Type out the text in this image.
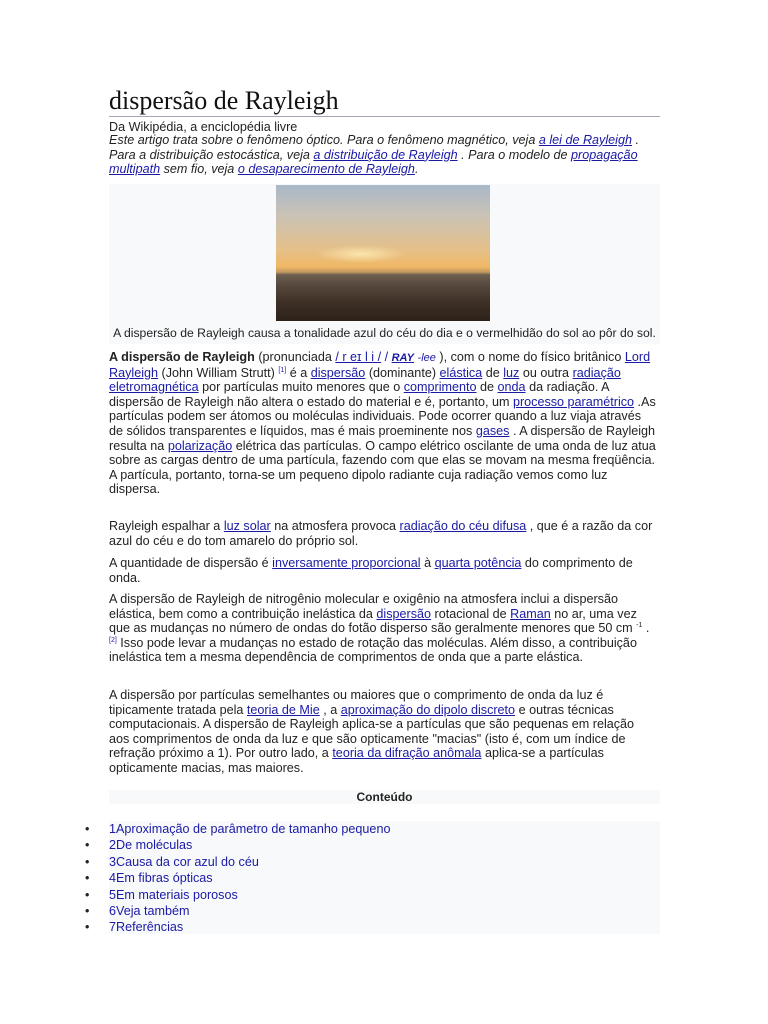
dispersão de Rayleigh
Da Wikipédia, a enciclopédia livre
Este artigo trata sobre o fenômeno óptico. Para o fenômeno magnético, veja a lei de Rayleigh . Para a distribuição estocástica, veja a distribuição de Rayleigh . Para o modelo de propagação multipath sem fio, veja o desaparecimento de Rayleigh.
A dispersão de Rayleigh causa a tonalidade azul do céu do dia e o vermelhidão do sol ao pôr do sol.
A dispersão de Rayleigh (pronunciada / r eɪ l i / / RAY -lee ), com o nome do físico britânico Lord Rayleigh (John William Strutt) [1] é a dispersão (dominante) elástica de luz ou outra radiação eletromagnética por partículas muito menores que o comprimento de onda da radiação. A dispersão de Rayleigh não altera o estado do material e é, portanto, um processo paramétrico .As partículas podem ser átomos ou moléculas individuais. Pode ocorrer quando a luz viaja através de sólidos transparentes e líquidos, mas é mais proeminente nos gases . A dispersão de Rayleigh resulta na polarização elétrica das partículas. O campo elétrico oscilante de uma onda de luz atua sobre as cargas dentro de uma partícula, fazendo com que elas se movam na mesma freqüência. A partícula, portanto, torna-se um pequeno dipolo radiante cuja radiação vemos como luz dispersa.
Rayleigh espalhar a luz solar na atmosfera provoca radiação do céu difusa , que é a razão da cor azul do céu e do tom amarelo do próprio sol.
A quantidade de dispersão é inversamente proporcional à quarta potência do comprimento de onda.
A dispersão de Rayleigh de nitrogênio molecular e oxigênio na atmosfera inclui a dispersão elástica, bem como a contribuição inelástica da dispersão rotacional de Raman no ar, uma vez que as mudanças no número de ondas do fotão disperso são geralmente menores que 50 cm $^{-1}$ . [2] Isso pode levar a mudanças no estado de rotação das moléculas. Além disso, a contribuição inelástica tem a mesma dependência de comprimentos de onda que a parte elástica.
A dispersão por partículas semelhantes ou maiores que o comprimento de onda da luz é tipicamente tratada pela teoria de Mie , a aproximação do dipolo discreto e outras técnicas computacionais. A dispersão de Rayleigh aplica-se a partículas que são pequenas em relação aos comprimentos de onda da luz e que são opticamente "macias" (isto é, com um índice de refração próximo a 1). Por outro lado, a teoria da difração anômala aplica-se a partículas opticamente macias, mas maiores.
Conteúdo
• 1Aproximação de parâmetro de tamanho pequeno
• 2De moléculas
• 3Causa da cor azul do céu
• 4Em fibras ópticas
• 5Em materiais porosos
• 6Veja também
• 7Referências
